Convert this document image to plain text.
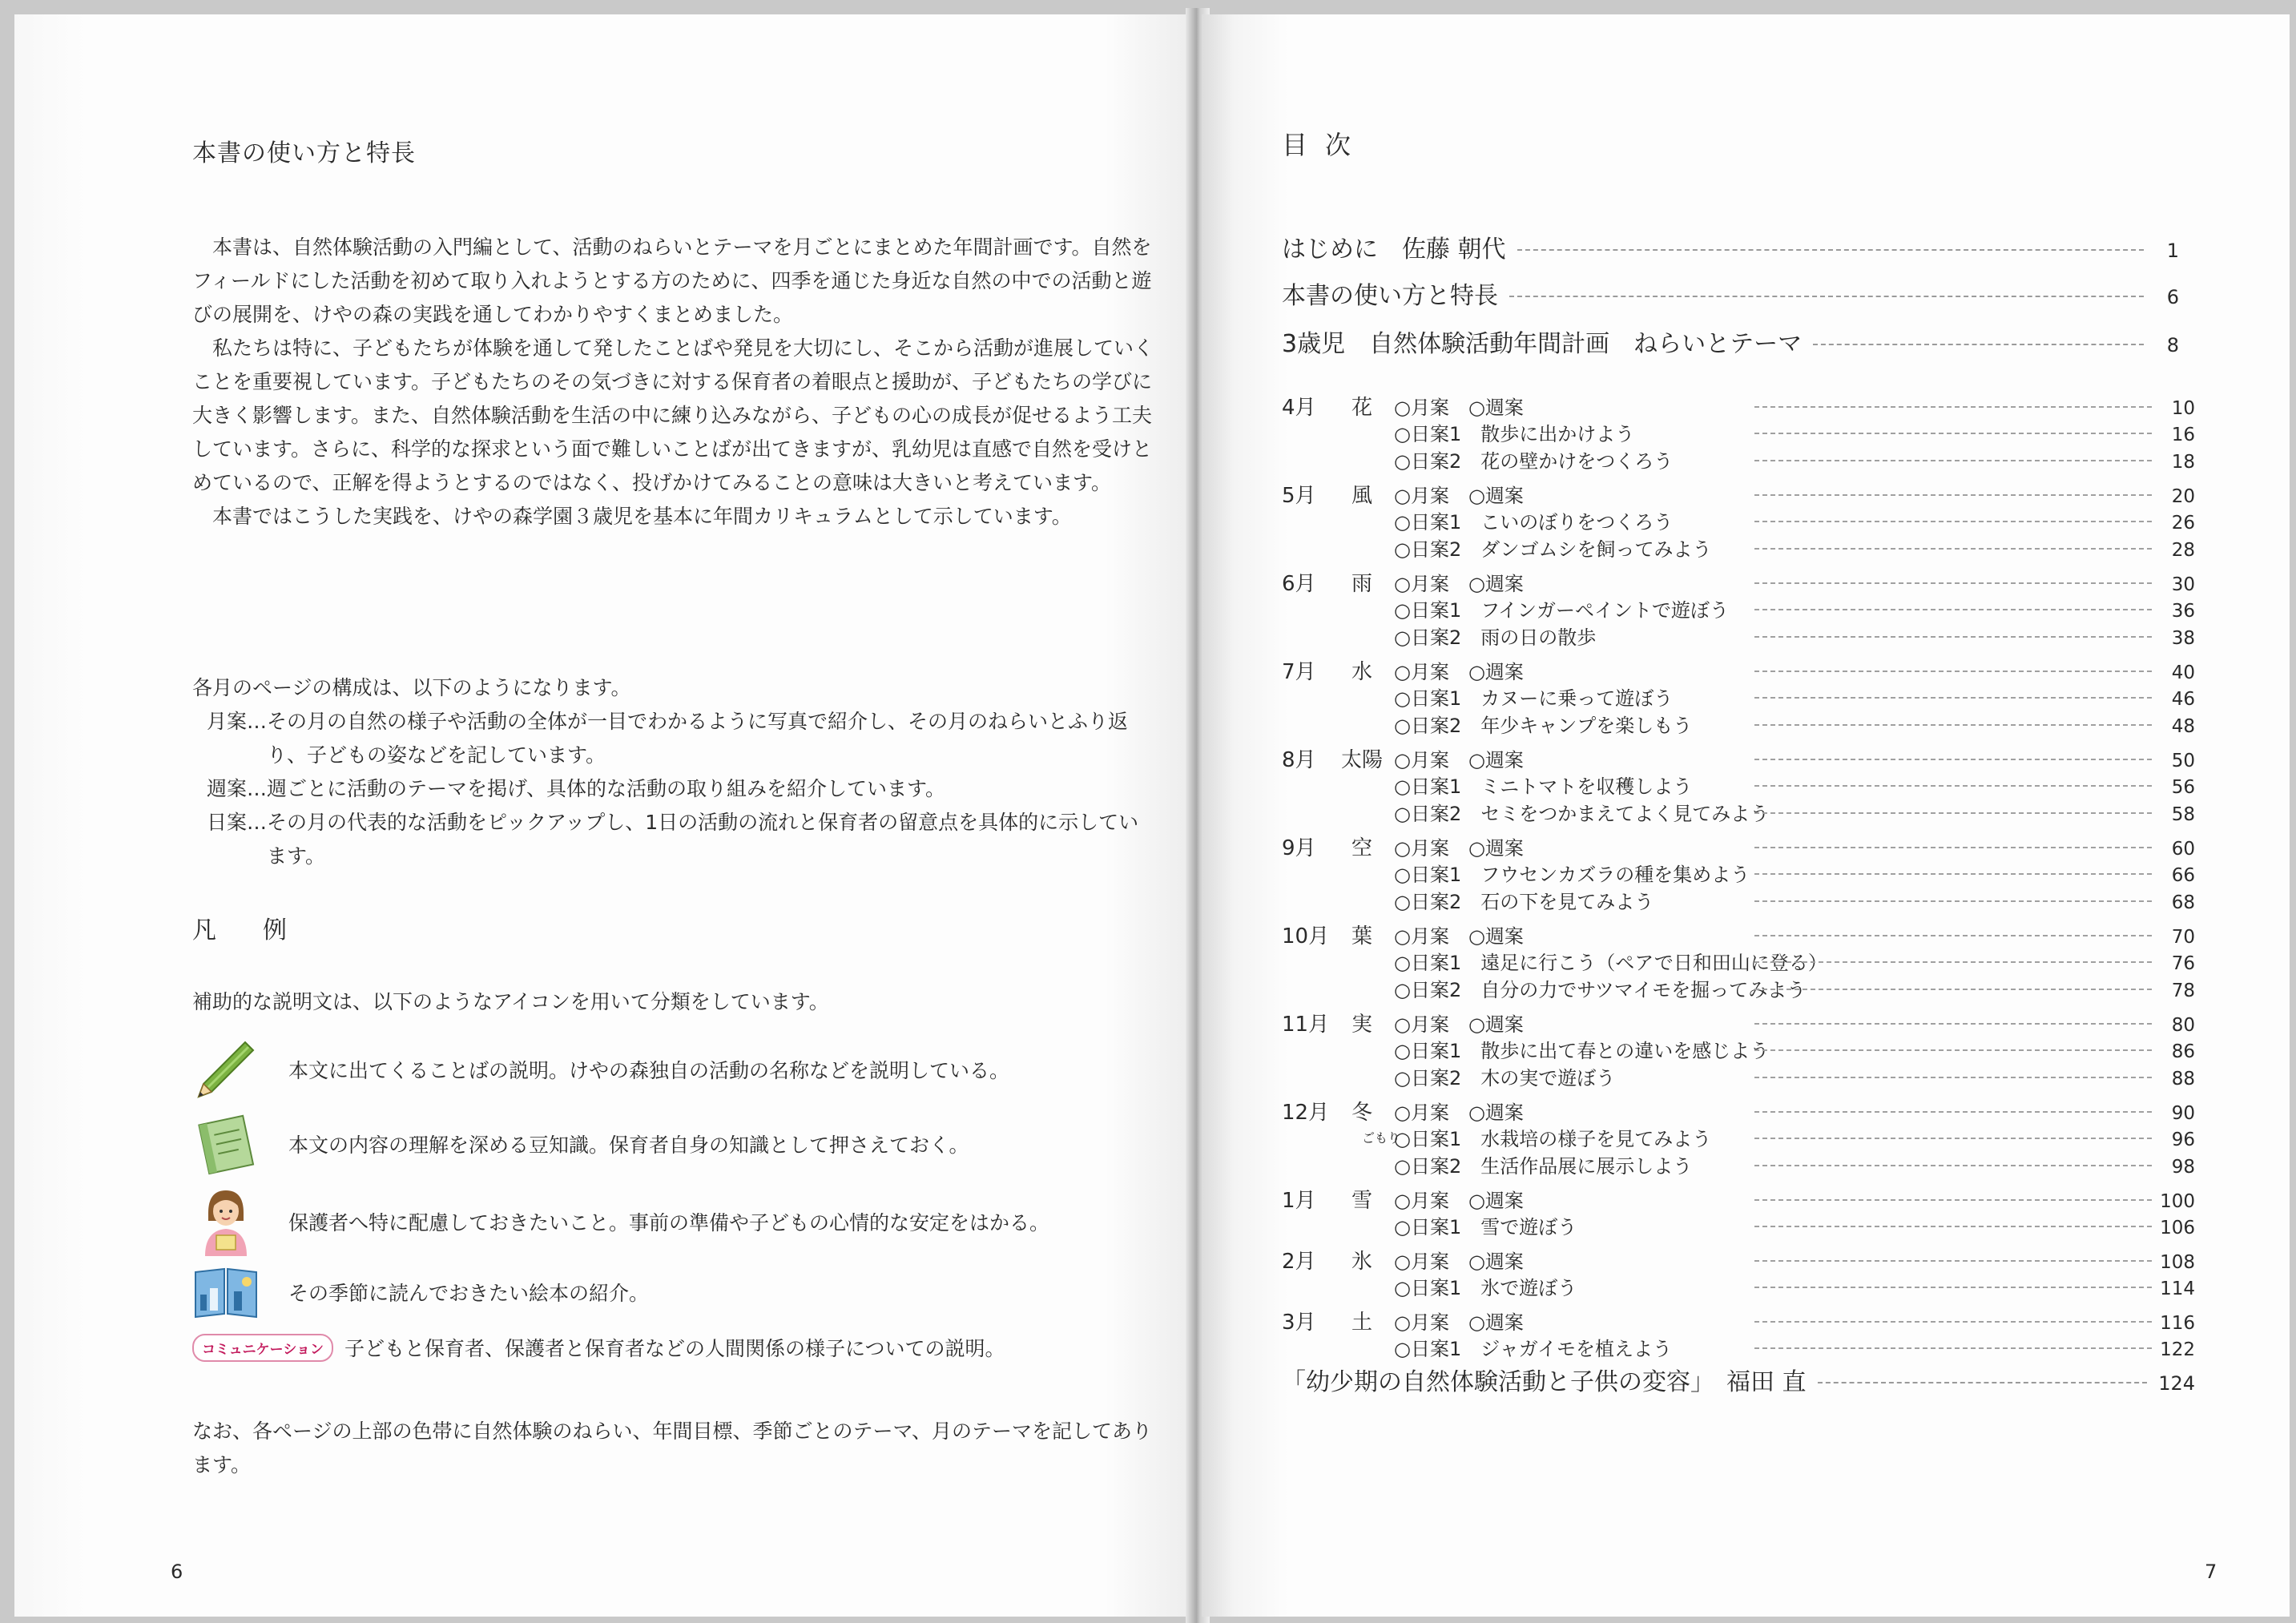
本書の使い方と特長

本書は、自然体験活動の入門編として、活動のねらいとテーマを月ごとにまとめた年間計画です。自然をフィールドにした活動を初めて取り入れようとする方のために、四季を通じた身近な自然の中での活動と遊びの展開を、けやの森の実践を通してわかりやすくまとめました。

私たちは特に、子どもたちが体験を通して発したことばや発見を大切にし、そこから活動が進展していくことを重要視しています。子どもたちのその気づきに対する保育者の着眼点と援助が、子どもたちの学びに大きく影響します。また、自然体験活動を生活の中に練り込みながら、子どもの心の成長が促せるよう工夫しています。さらに、科学的な探求という面で難しいことばが出てきますが、乳幼児は直感で自然を受けとめているので、正解を得ようとするのではなく、投げかけてみることの意味は大きいと考えています。

本書ではこうした実践を、けやの森学園３歳児を基本に年間カリキュラムとして示しています。

各月のページの構成は、以下のようになります。

月案… その月の自然の様子や活動の全体が一目でわかるように写真で紹介し、その月のねらいとふり返り、子どもの姿などを記しています。
週案… 週ごとに活動のテーマを掲げ、具体的な活動の取り組みを紹介しています。
日案… その月の代表的な活動をピックアップし、1日の活動の流れと保育者の留意点を具体的に示しています。
凡　例
補助的な説明文は、以下のようなアイコンを用いて分類をしています。
本文に出てくることばの説明。けやの森独自の活動の名称などを説明している。
本文の内容の理解を深める豆知識。保育者自身の知識として押さえておく。
保護者へ特に配慮しておきたいこと。事前の準備や子どもの心情的な安定をはかる。
その季節に読んでおきたい絵本の紹介。
コミュニケーション	子どもと保育者、保護者と保育者などの人間関係の様子についての説明。
なお、各ページの上部の色帯に自然体験のねらい、年間目標、季節ごとのテーマ、月のテーマを記してあります。
6
目次
はじめに　佐藤 朝代	1
本書の使い方と特長	6
3歳児　自然体験活動年間計画　ねらいとテーマ	8
4月	花	○月案　○週案	10
○日案1　散歩に出かけよう	16
○日案2　花の壁かけをつくろう	18
5月	風	○月案　○週案	20
○日案1　こいのぼりをつくろう	26
○日案2　ダンゴムシを飼ってみよう	28
6月	雨	○月案　○週案	30
○日案1　フインガーペイントで遊ぼう	36
○日案2　雨の日の散歩	38
7月	水	○月案　○週案	40
○日案1　カヌーに乗って遊ぼう	46
○日案2　年少キャンプを楽しもう	48
8月	太陽 ○月案　○週案	50
○日案1　ミニトマトを収穫しよう	56
○日案2　セミをつかまえてよく見てみよう	58
9月	空	○月案　○週案	60
○日案1　フウセンカズラの種を集めよう	66
○日案2　石の下を見てみよう	68
10月	葉	○月案　○週案	70
○日案1　遠足に行こう（ペアで日和田山に登る）	76
○日案2　自分の力でサツマイモを掘ってみよう	78
11月	実	○月案　○週案	80
○日案1　散歩に出て春との違いを感じよう	86
○日案2　木の実で遊ぼう	88
12月	冬	○月案　○週案	90
ごもり
○日案1　水栽培の様子を見てみよう	96
○日案2　生活作品展に展示しよう	98
1月	雪	○月案　○週案	100
○日案1　雪で遊ぼう	106
2月	氷	○月案　○週案	108
○日案1　氷で遊ぼう	114
3月	土	○月案　○週案	116
○日案1　ジャガイモを植えよう	122
「幼少期の自然体験活動と子供の変容」　福田 直	124
7
